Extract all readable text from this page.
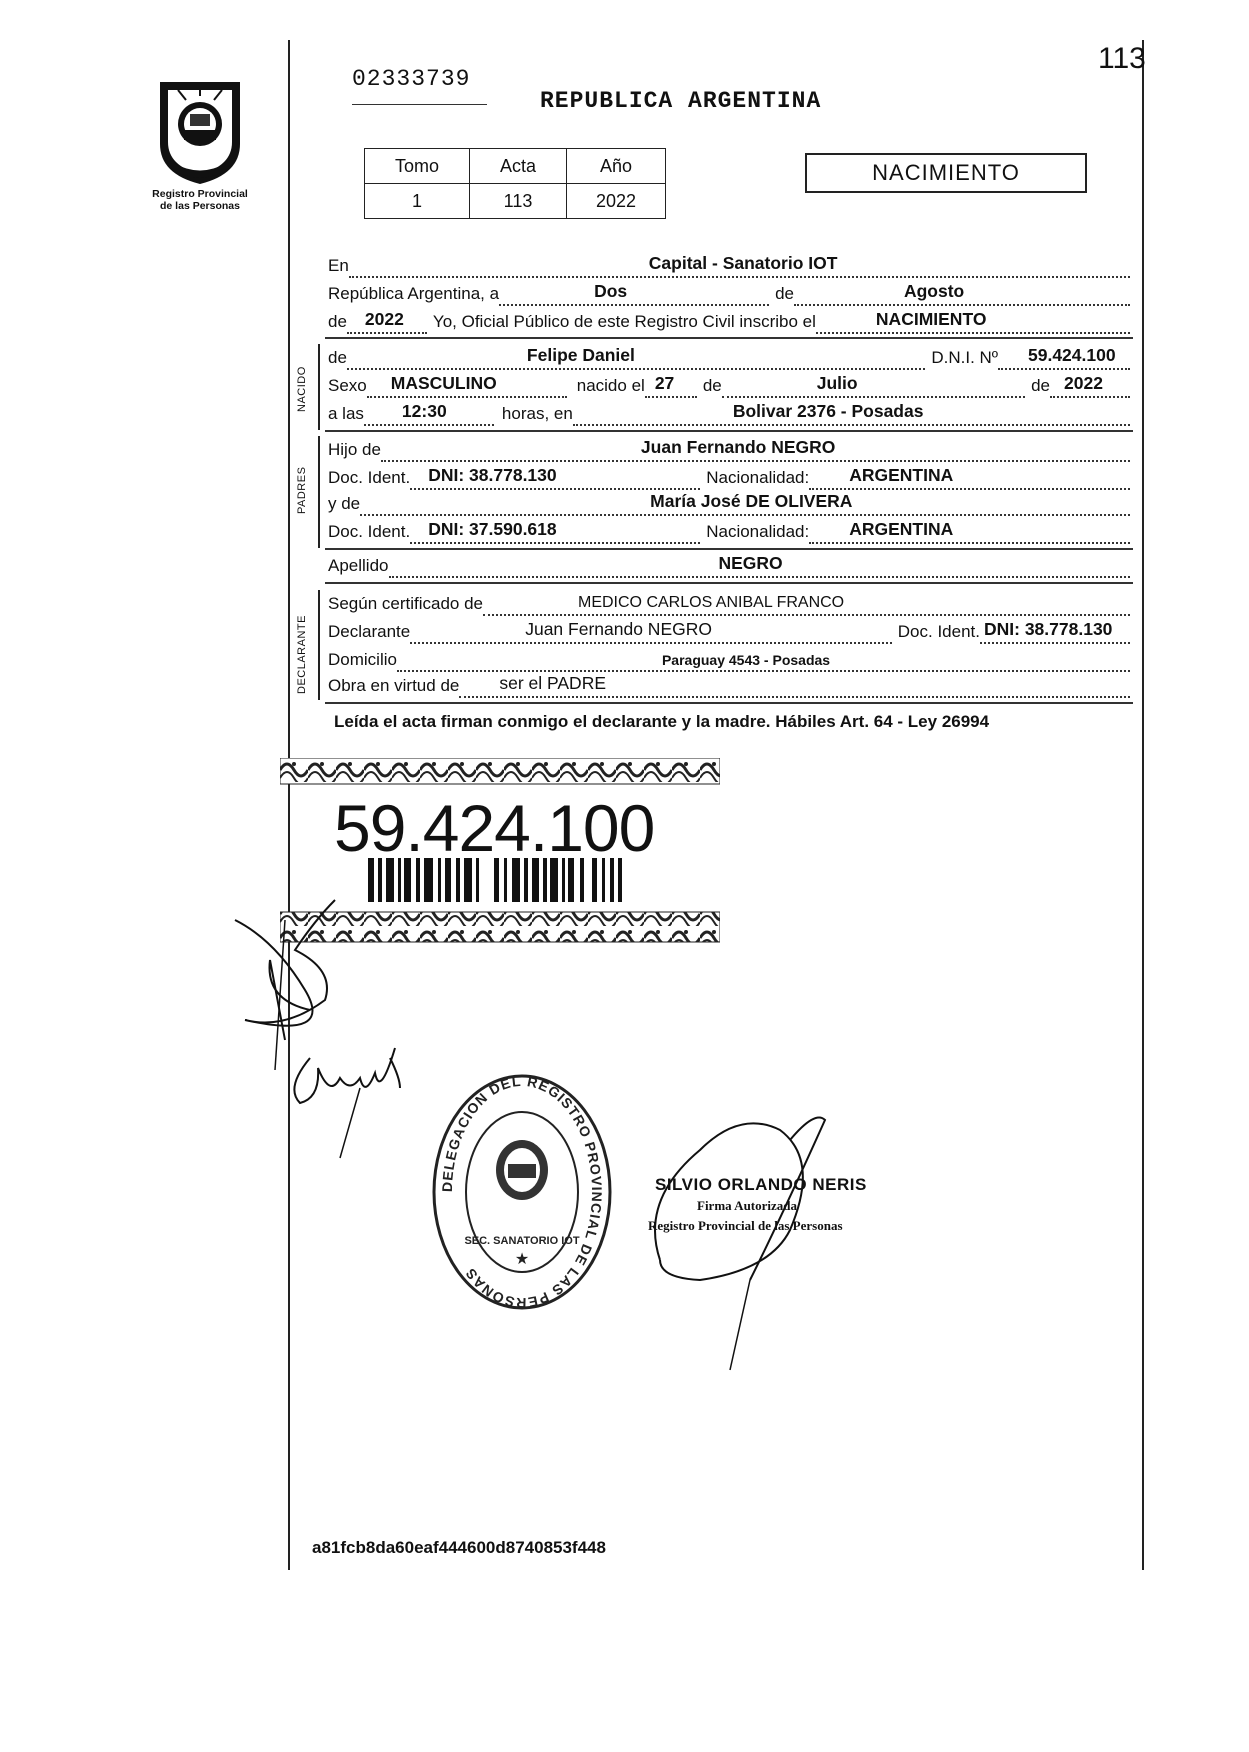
Registro Provincial
de las Personas
113
02333739
REPUBLICA ARGENTINA
Tomo	Acta	Año
1	113	2022
NACIMIENTO
En	Capital - Sanatorio IOT
República Argentina, a	Dos	de	Agosto
de 2022 Yo, Oficial Público de este Registro Civil inscribo el	NACIMIENTO
NACIDO
de	Felipe Daniel	D.N.I. Nº 59.424.100
Sexo MASCULINO	nacido el 27 de	Julio	de 2022
a las 12:30	horas, en	Bolivar 2376 - Posadas
PADRES
Hijo de	Juan Fernando NEGRO
Doc. Ident. DNI: 38.778.130	Nacionalidad: ARGENTINA
y de	María José DE OLIVERA
Doc. Ident. DNI: 37.590.618	Nacionalidad: ARGENTINA
Apellido	NEGRO
DECLARANTE
Según certificado de	MEDICO CARLOS ANIBAL FRANCO
Declarante	Juan Fernando NEGRO	Doc. Ident. DNI: 38.778.130
Domicilio	Paraguay 4543 - Posadas
Obra en virtud de ser el PADRE
Leída el acta firman conmigo el declarante y la madre. Hábiles Art. 64 - Ley 26994
59.424.100
DELEGACION DEL REGISTRO PROVINCIAL DE LAS PERSONAS
SEC. SANATORIO IOT
★
SILVIO ORLANDO NERIS
Firma Autorizada
Registro Provincial de las Personas
a81fcb8da60eaf444600d8740853f448
